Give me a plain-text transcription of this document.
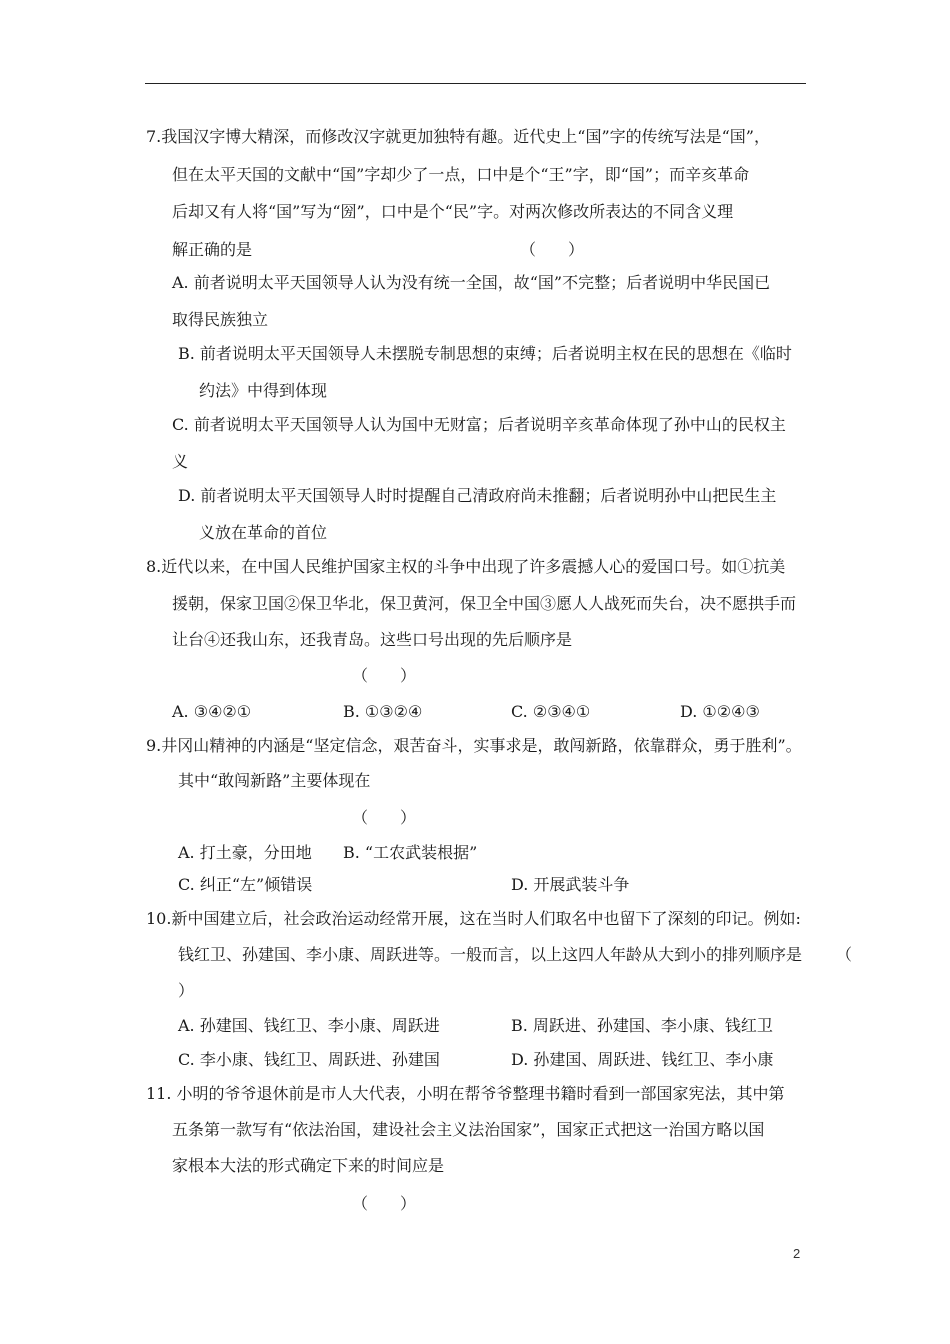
7.我国汉字博大精深，而修改汉字就更加独特有趣。近代史上“国”字的传统写法是“国”，
但在太平天国的文献中“国”字却少了一点，口中是个“王”字，即“国”；而辛亥革命
后却又有人将“国”写为“圀”，口中是个“民”字。对两次修改所表达的不同含义理
解正确的是	（　　）
A. 前者说明太平天国领导人认为没有统一全国，故“国”不完整；后者说明中华民国已
取得民族独立
B. 前者说明太平天国领导人未摆脱专制思想的束缚；后者说明主权在民的思想在《临时
约法》中得到体现
C. 前者说明太平天国领导人认为国中无财富；后者说明辛亥革命体现了孙中山的民权主
义
D. 前者说明太平天国领导人时时提醒自己清政府尚未推翻；后者说明孙中山把民生主
义放在革命的首位
8.近代以来，在中国人民维护国家主权的斗争中出现了许多震撼人心的爱国口号。如①抗美
援朝，保家卫国②保卫华北，保卫黄河，保卫全中国③愿人人战死而失台，决不愿拱手而
让台④还我山东，还我青岛。这些口号出现的先后顺序是
（　　）
A. ③④②①	B. ①③②④	C. ②③④①	D. ①②④③
9.井冈山精神的内涵是“坚定信念，艰苦奋斗，实事求是，敢闯新路，依靠群众，勇于胜利”。
其中“敢闯新路”主要体现在
（　　）
A. 打土豪，分田地 B. “工农武装根据”
C. 纠正“左”倾错误	D. 开展武装斗争
10.新中国建立后，社会政治运动经常开展，这在当时人们取名中也留下了深刻的印记。例如:
钱红卫、孙建国、李小康、周跃进等。一般而言，以上这四人年龄从大到小的排列顺序是 （
）
A. 孙建国、钱红卫、李小康、周跃进	B. 周跃进、孙建国、李小康、钱红卫
C. 李小康、钱红卫、周跃进、孙建国	D. 孙建国、周跃进、钱红卫、李小康
11. 小明的爷爷退休前是市人大代表，小明在帮爷爷整理书籍时看到一部国家宪法，其中第
五条第一款写有“依法治国，建设社会主义法治国家”，国家正式把这一治国方略以国
家根本大法的形式确定下来的时间应是
（　　）
2
